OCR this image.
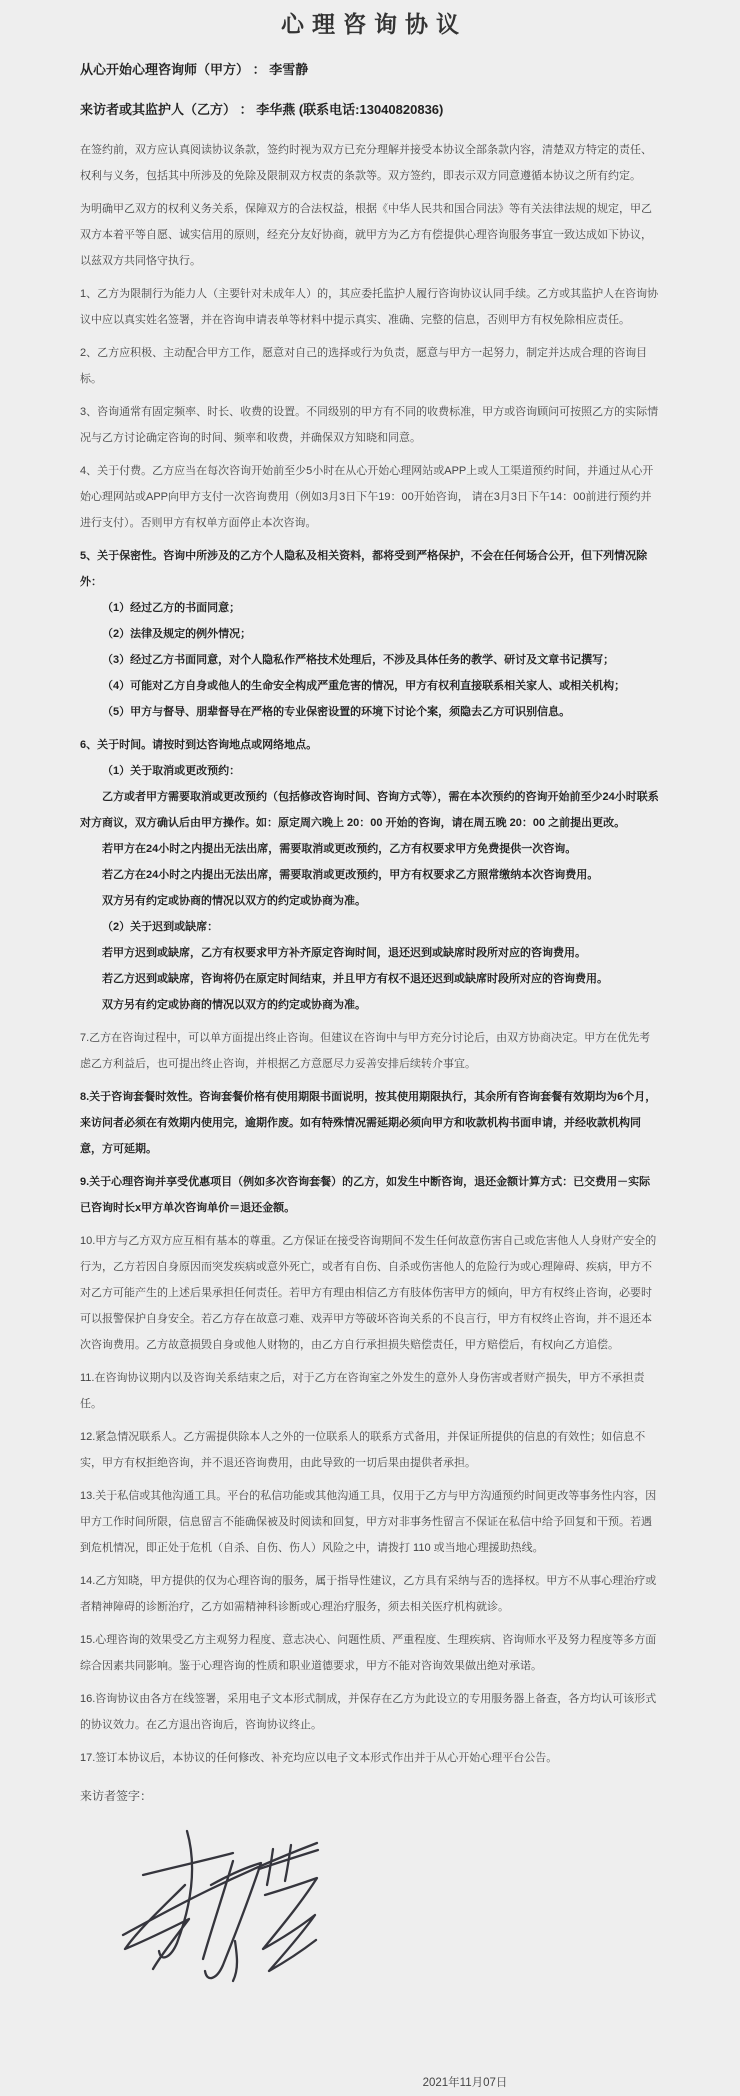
心理咨询协议
从心开始心理咨询师（甲方） ： 李雪静
来访者或其监护人（乙方） ： 李华燕 (联系电话:13040820836)

在签约前，双方应认真阅读协议条款，签约时视为双方已充分理解并接受本协议全部条款内容，清楚双方特定的责任、权利与义务，包括其中所涉及的免除及限制双方权责的条款等。双方签约，即表示双方同意遵循本协议之所有约定。

为明确甲乙双方的权利义务关系，保障双方的合法权益，根据《中华人民共和国合同法》等有关法律法规的规定，甲乙双方本着平等自愿、诚实信用的原则，经充分友好协商，就甲方为乙方有偿提供心理咨询服务事宜一致达成如下协议，以兹双方共同恪守执行。

1、乙方为限制行为能力人（主要针对未成年人）的，其应委托监护人履行咨询协议认同手续。乙方或其监护人在咨询协议中应以真实姓名签署，并在咨询申请表单等材料中提示真实、准确、完整的信息，否则甲方有权免除相应责任。

2、乙方应积极、主动配合甲方工作，愿意对自己的选择或行为负责，愿意与甲方一起努力，制定并达成合理的咨询目标。

3、咨询通常有固定频率、时长、收费的设置。不同级别的甲方有不同的收费标准，甲方或咨询顾问可按照乙方的实际情况与乙方讨论确定咨询的时间、频率和收费，并确保双方知晓和同意。

4、关于付费。乙方应当在每次咨询开始前至少5小时在从心开始心理网站或APP上或人工渠道预约时间，并通过从心开始心理网站或APP向甲方支付一次咨询费用（例如3月3日下午19：00开始咨询， 请在3月3日下午14：00前进行预约并进行支付）。否则甲方有权单方面停止本次咨询。

5、关于保密性。咨询中所涉及的乙方个人隐私及相关资料，都将受到严格保护，不会在任何场合公开，但下列情况除外：

（1）经过乙方的书面同意；

（2）法律及规定的例外情况；

（3）经过乙方书面同意，对个人隐私作严格技术处理后，不涉及具体任务的教学、研讨及文章书记撰写；

（4）可能对乙方自身或他人的生命安全构成严重危害的情况，甲方有权利直接联系相关家人、或相关机构；

（5）甲方与督导、朋辈督导在严格的专业保密设置的环境下讨论个案，须隐去乙方可识别信息。

6、关于时间。请按时到达咨询地点或网络地点。

（1）关于取消或更改预约：

乙方或者甲方需要取消或更改预约（包括修改咨询时间、咨询方式等），需在本次预约的咨询开始前至少24小时联系对方商议，双方确认后由甲方操作。如：原定周六晚上 20：00 开始的咨询，请在周五晚 20：00 之前提出更改。

若甲方在24小时之内提出无法出席，需要取消或更改预约，乙方有权要求甲方免费提供一次咨询。

若乙方在24小时之内提出无法出席，需要取消或更改预约，甲方有权要求乙方照常缴纳本次咨询费用。

双方另有约定或协商的情况以双方的约定或协商为准。

（2）关于迟到或缺席：

若甲方迟到或缺席，乙方有权要求甲方补齐原定咨询时间，退还迟到或缺席时段所对应的咨询费用。

若乙方迟到或缺席，咨询将仍在原定时间结束，并且甲方有权不退还迟到或缺席时段所对应的咨询费用。

双方另有约定或协商的情况以双方的约定或协商为准。

7.乙方在咨询过程中，可以单方面提出终止咨询。但建议在咨询中与甲方充分讨论后，由双方协商决定。甲方在优先考虑乙方利益后，也可提出终止咨询，并根据乙方意愿尽力妥善安排后续转介事宜。

8.关于咨询套餐时效性。咨询套餐价格有使用期限书面说明，按其使用期限执行，其余所有咨询套餐有效期均为6个月，来访问者必须在有效期内使用完，逾期作废。如有特殊情况需延期必须向甲方和收款机构书面申请，并经收款机构同意，方可延期。

9.关于心理咨询并享受优惠项目（例如多次咨询套餐）的乙方，如发生中断咨询，退还金额计算方式：已交费用－实际已咨询时长x甲方单次咨询单价＝退还金额。

10.甲方与乙方双方应互相有基本的尊重。乙方保证在接受咨询期间不发生任何故意伤害自己或危害他人人身财产安全的行为，乙方若因自身原因而突发疾病或意外死亡，或者有自伤、自杀或伤害他人的危险行为或心理障碍、疾病，甲方不对乙方可能产生的上述后果承担任何责任。若甲方有理由相信乙方有肢体伤害甲方的倾向，甲方有权终止咨询，必要时可以报警保护自身安全。若乙方存在故意刁难、戏弄甲方等破坏咨询关系的不良言行，甲方有权终止咨询，并不退还本次咨询费用。乙方故意损毁自身或他人财物的，由乙方自行承担损失赔偿责任，甲方赔偿后，有权向乙方追偿。

11.在咨询协议期内以及咨询关系结束之后，对于乙方在咨询室之外发生的意外人身伤害或者财产损失，甲方不承担责任。

12.紧急情况联系人。乙方需提供除本人之外的一位联系人的联系方式备用，并保证所提供的信息的有效性；如信息不实，甲方有权拒绝咨询，并不退还咨询费用，由此导致的一切后果由提供者承担。

13.关于私信或其他沟通工具。平台的私信功能或其他沟通工具，仅用于乙方与甲方沟通预约时间更改等事务性内容，因甲方工作时间所限，信息留言不能确保被及时阅读和回复，甲方对非事务性留言不保证在私信中给予回复和干预。若遇到危机情况，即正处于危机（自杀、自伤、伤人）风险之中，请拨打 110 或当地心理援助热线。

14.乙方知晓，甲方提供的仅为心理咨询的服务，属于指导性建议，乙方具有采纳与否的选择权。甲方不从事心理治疗或者精神障碍的诊断治疗，乙方如需精神科诊断或心理治疗服务，须去相关医疗机构就诊。

15.心理咨询的效果受乙方主观努力程度、意志决心、问题性质、严重程度、生理疾病、咨询师水平及努力程度等多方面综合因素共同影响。鉴于心理咨询的性质和职业道德要求，甲方不能对咨询效果做出绝对承诺。

16.咨询协议由各方在线签署，采用电子文本形式制成，并保存在乙方为此设立的专用服务器上备查，各方均认可该形式的协议效力。在乙方退出咨询后，咨询协议终止。

17.签订本协议后，本协议的任何修改、补充均应以电子文本形式作出并于从心开始心理平台公告。

来访者签字：
2021年11月07日
